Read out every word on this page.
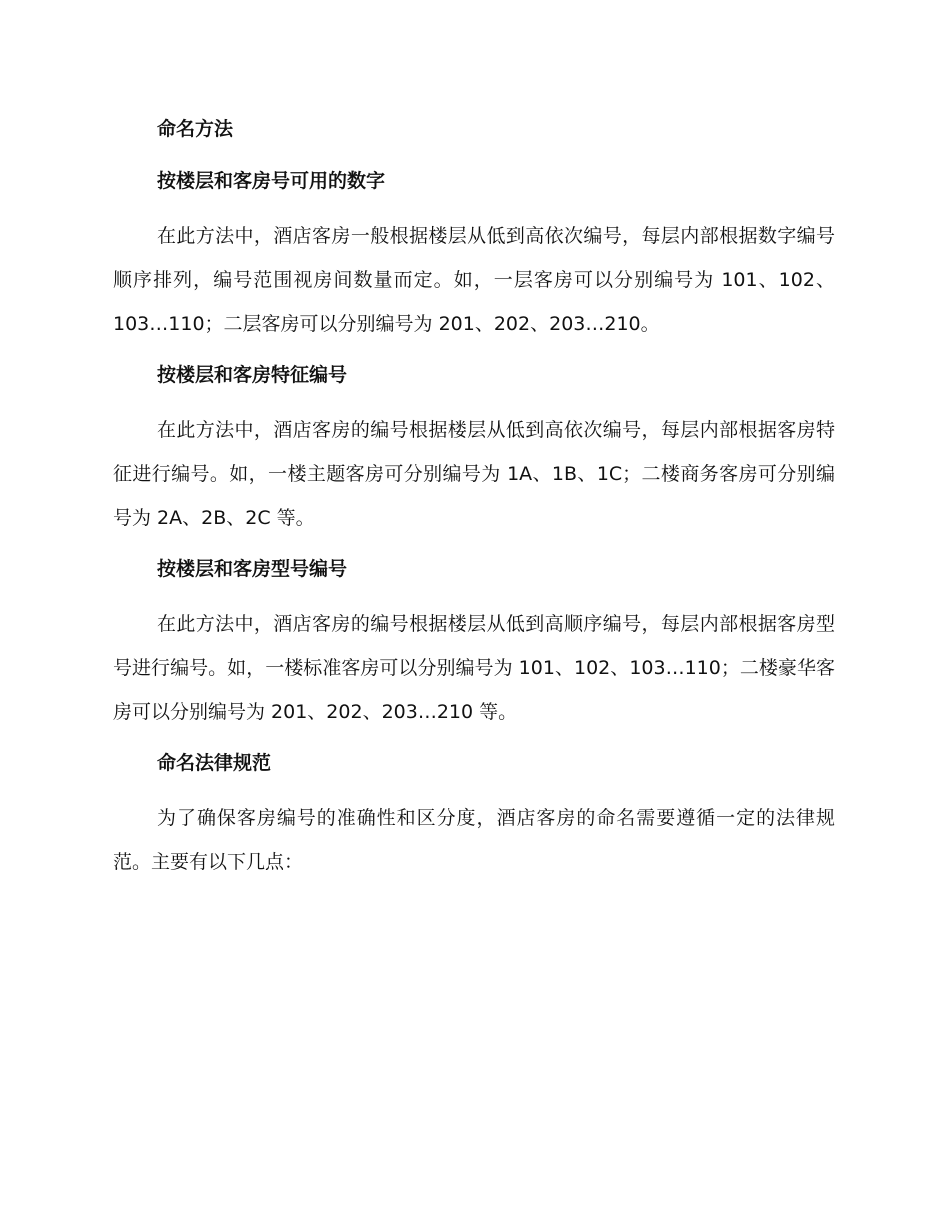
命名方法
按楼层和客房号可用的数字

在此方法中，酒店客房一般根据楼层从低到高依次编号，每层内部根据数字编号顺序排列，编号范围视房间数量而定。如，一层客房可以分别编号为 101、102、103…110；二层客房可以分别编号为 201、202、203…210。

按楼层和客房特征编号

在此方法中，酒店客房的编号根据楼层从低到高依次编号，每层内部根据客房特征进行编号。如，一楼主题客房可分别编号为 1A、1B、1C；二楼商务客房可分别编号为 2A、2B、2C 等。

按楼层和客房型号编号

在此方法中，酒店客房的编号根据楼层从低到高顺序编号，每层内部根据客房型号进行编号。如，一楼标准客房可以分别编号为 101、102、103…110；二楼豪华客房可以分别编号为 201、202、203…210 等。

命名法律规范

为了确保客房编号的准确性和区分度，酒店客房的命名需要遵循一定的法律规范。主要有以下几点：
